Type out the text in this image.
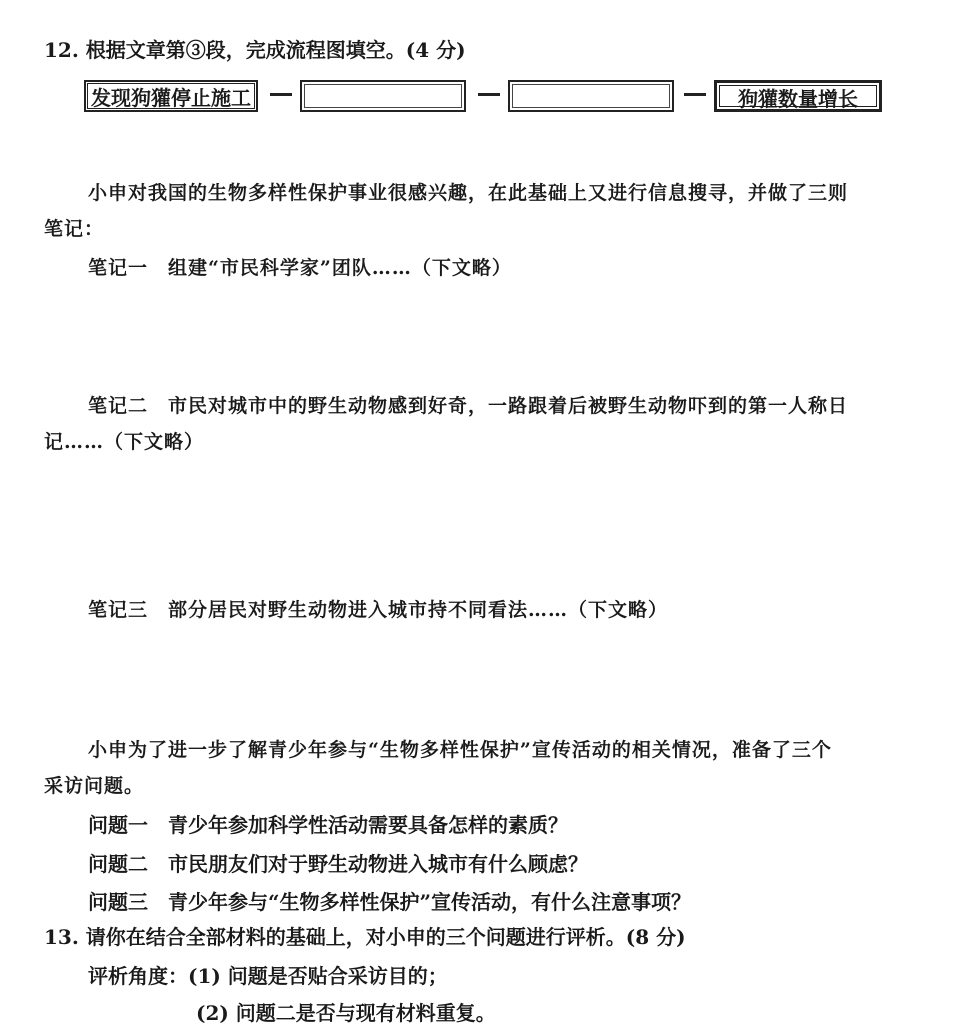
12. 根据文章第③段，完成流程图填空。(4 分)
发现狗獾停止施工	狗獾数量增长
小申对我国的生物多样性保护事业很感兴趣，在此基础上又进行信息搜寻，并做了三则
笔记：
笔记一　组建“市民科学家”团队……（下文略）
笔记二　市民对城市中的野生动物感到好奇，一路跟着后被野生动物吓到的第一人称日
记……（下文略）
笔记三　部分居民对野生动物进入城市持不同看法……（下文略）
小申为了进一步了解青少年参与“生物多样性保护”宣传活动的相关情况，准备了三个
采访问题。
问题一　青少年参加科学性活动需要具备怎样的素质？
问题二　市民朋友们对于野生动物进入城市有什么顾虑？
问题三　青少年参与“生物多样性保护”宣传活动，有什么注意事项？
13. 请你在结合全部材料的基础上，对小申的三个问题进行评析。(8 分)
评析角度：(1) 问题是否贴合采访目的；
(2) 问题二是否与现有材料重复。
